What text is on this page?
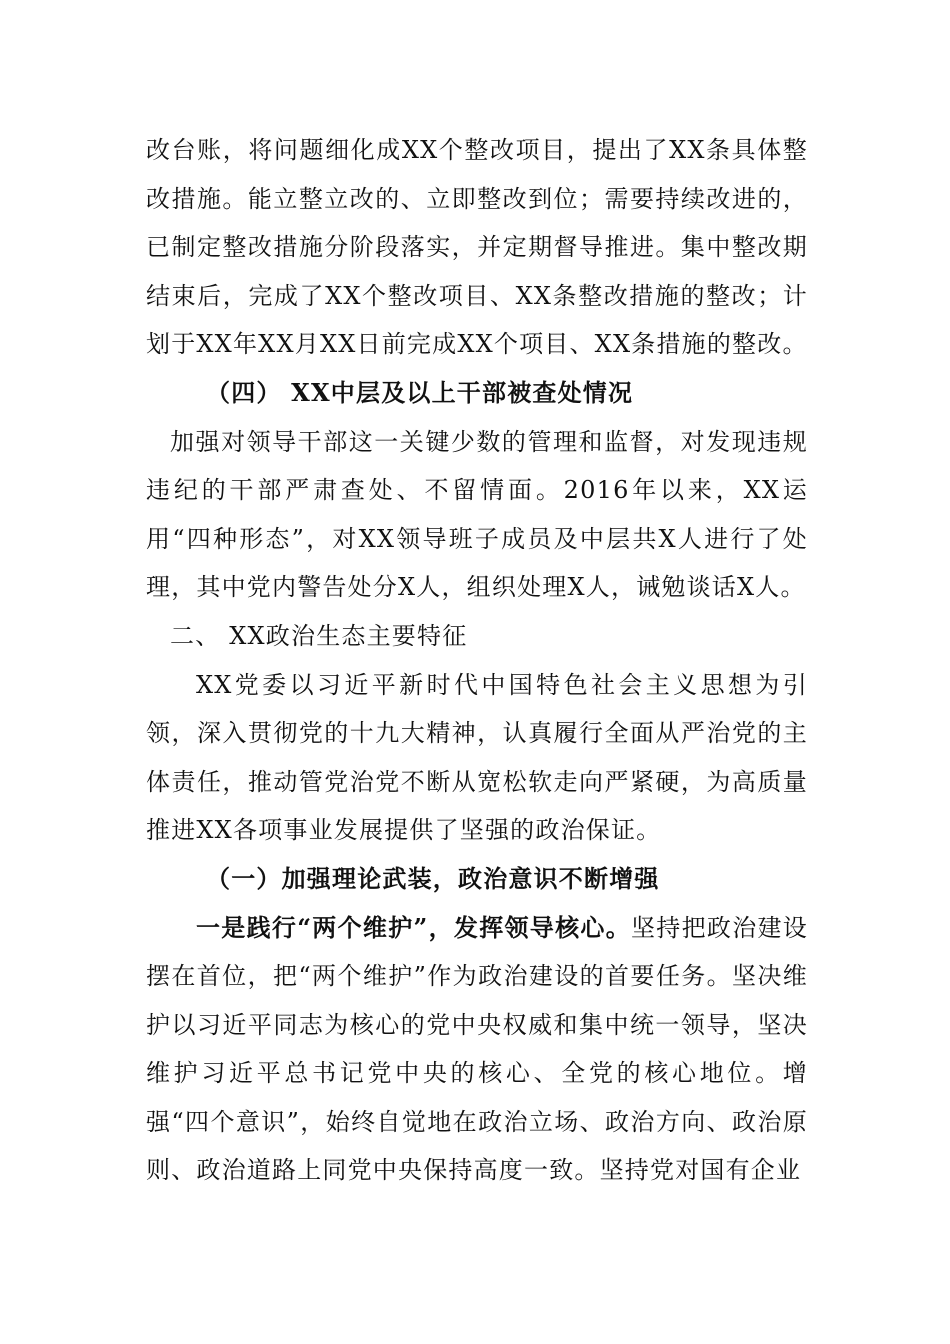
改台账，将问题细化成XX个整改项目，提出了XX条具体整改措施。能立整立改的、立即整改到位；需要持续改进的，已制定整改措施分阶段落实，并定期督导推进。集中整改期结束后，完成了XX个整改项目、XX条整改措施的整改；计划于XX年XX月XX日前完成XX个项目、XX条措施的整改。

（四） XX中层及以上干部被查处情况

加强对领导干部这一关键少数的管理和监督，对发现违规违纪的干部严肃查处、不留情面。2016年以来，XX运用“四种形态”，对XX领导班子成员及中层共X人进行了处理，其中党内警告处分X人，组织处理X人，诫勉谈话X人。

二、 XX政治生态主要特征

XX党委以习近平新时代中国特色社会主义思想为引领，深入贯彻党的十九大精神，认真履行全面从严治党的主体责任，推动管党治党不断从宽松软走向严紧硬，为高质量推进XX各项事业发展提供了坚强的政治保证。

（一）加强理论武装，政治意识不断增强

一是践行“两个维护”，发挥领导核心。坚持把政治建设摆在首位，把“两个维护”作为政治建设的首要任务。坚决维护以习近平同志为核心的党中央权威和集中统一领导，坚决维护习近平总书记党中央的核心、全党的核心地位。增强“四个意识”，始终自觉地在政治立场、政治方向、政治原则、政治道路上同党中央保持高度一致。坚持党对国有企业
